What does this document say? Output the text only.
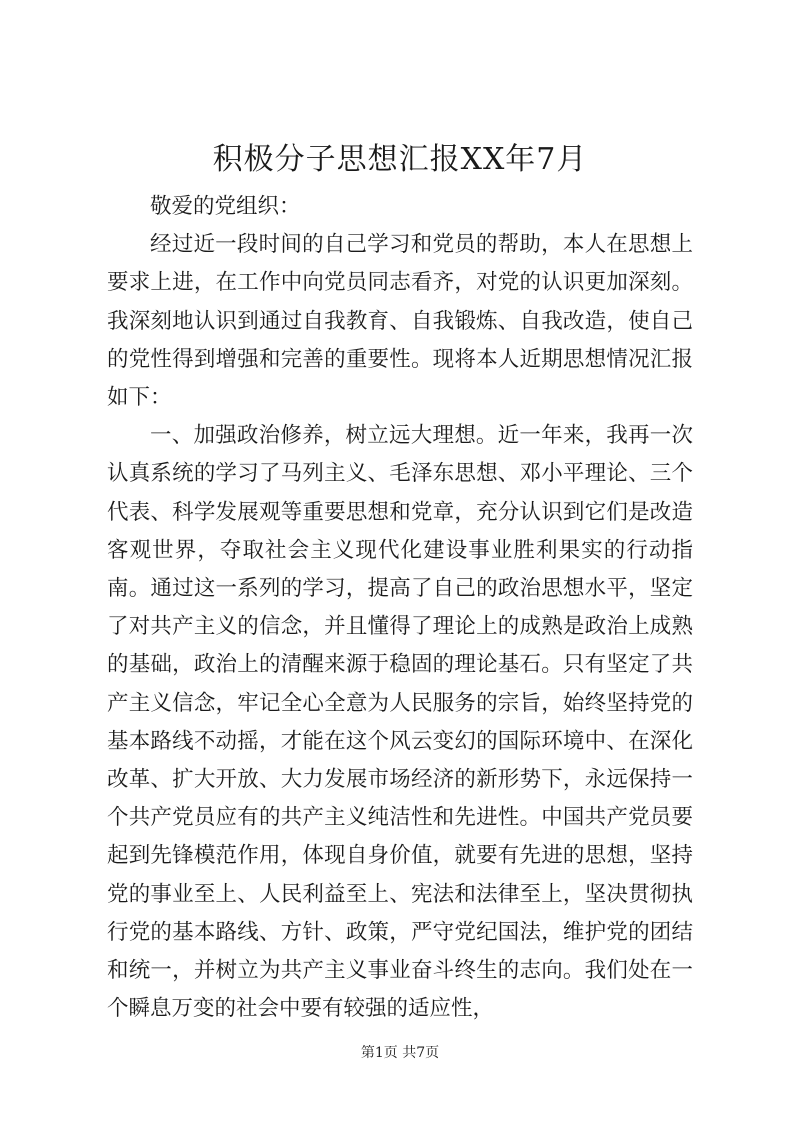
积极分子思想汇报XX年7月

敬爱的党组织：

经过近一段时间的自己学习和党员的帮助，本人在思想上要求上进，在工作中向党员同志看齐，对党的认识更加深刻。我深刻地认识到通过自我教育、自我锻炼、自我改造，使自己的党性得到增强和完善的重要性。现将本人近期思想情况汇报如下：

一、加强政治修养，树立远大理想。近一年来，我再一次认真系统的学习了马列主义、毛泽东思想、邓小平理论、三个代表、科学发展观等重要思想和党章，充分认识到它们是改造客观世界，夺取社会主义现代化建设事业胜利果实的行动指南。通过这一系列的学习，提高了自己的政治思想水平，坚定了对共产主义的信念，并且懂得了理论上的成熟是政治上成熟的基础，政治上的清醒来源于稳固的理论基石。只有坚定了共产主义信念，牢记全心全意为人民服务的宗旨，始终坚持党的基本路线不动摇，才能在这个风云变幻的国际环境中、在深化改革、扩大开放、大力发展市场经济的新形势下，永远保持一个共产党员应有的共产主义纯洁性和先进性。中国共产党员要起到先锋模范作用，体现自身价值，就要有先进的思想，坚持党的事业至上、人民利益至上、宪法和法律至上，坚决贯彻执行党的基本路线、方针、政策，严守党纪国法，维护党的团结和统一，并树立为共产主义事业奋斗终生的志向。我们处在一个瞬息万变的社会中要有较强的适应性，

第1页 共7页
